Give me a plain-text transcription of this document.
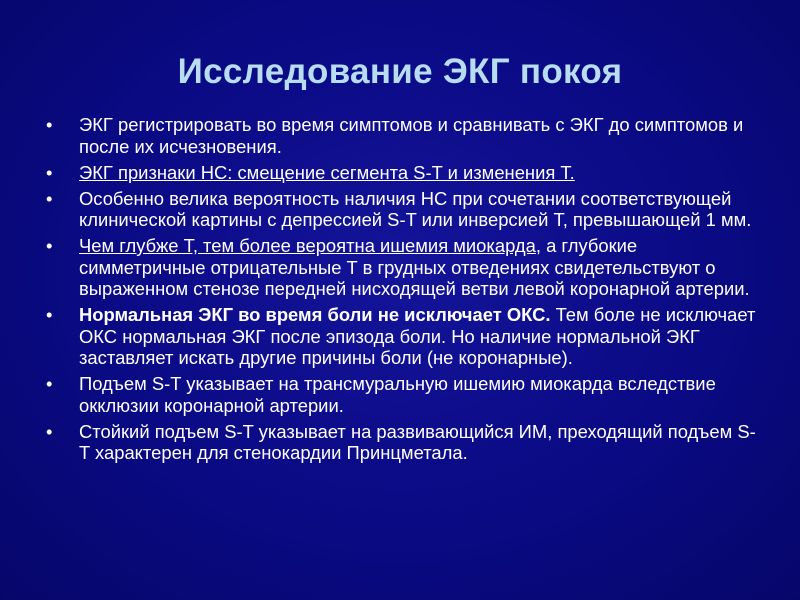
Исследование ЭКГ покоя
• ЭКГ регистрировать во время симптомов и сравнивать с ЭКГ до симптомов и после их исчезновения.
• ЭКГ признаки НС: смещение сегмента S-T и изменения T.
• Особенно велика вероятность наличия НС при сочетании соответствующей клинической картины с депрессией S-T или инверсией T, превышающей 1 мм.
• Чем глубже T, тем более вероятна ишемия миокарда, а глубокие симметричные отрицательные T в грудных отведениях свидетельствуют о выраженном стенозе передней нисходящей ветви левой коронарной артерии.
• Нормальная ЭКГ во время боли не исключает ОКС. Тем боле не исключает ОКС нормальная ЭКГ после эпизода боли. Но наличие нормальной ЭКГ заставляет искать другие причины боли (не коронарные).
• Подъем S-T указывает на трансмуральную ишемию миокарда вследствие окклюзии коронарной артерии.
• Стойкий подъем S-T указывает на развивающийся ИМ, преходящий подъем S-T характерен для стенокардии Принцметала.
